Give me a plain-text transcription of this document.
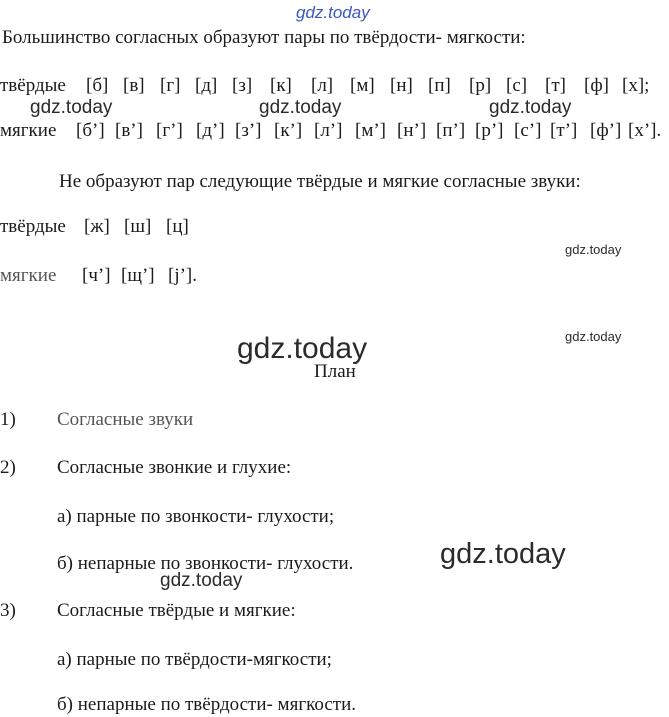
gdz.today
Большинство согласных образуют пары по твёрдости- мягкости:
твёрдые [б] [в] [г] [д] [з] [к] [л] [м] [н] [п] [р] [с] [т] [ф] [х];
gdz.today	gdz.today	gdz.today
мягкие [б’] [в’] [г’] [д’] [з’] [к’] [л’] [м’] [н’] [п’] [р’] [с’] [т’] [ф’] [х’].
Не образуют пар следующие твёрдые и мягкие согласные звуки:
твёрдые [ж] [ш] [ц]
gdz.today
мягкие [ч’] [щ’] [j’].
gdz.today
gdz.today
План
1) Согласные звуки
2) Согласные звонкие и глухие:
а) парные по звонкости- глухости;
б) непарные по звонкости- глухости.	gdz.today
gdz.today
3) Согласные твёрдые и мягкие:
а) парные по твёрдости-мягкости;
б) непарные по твёрдости- мягкости.
